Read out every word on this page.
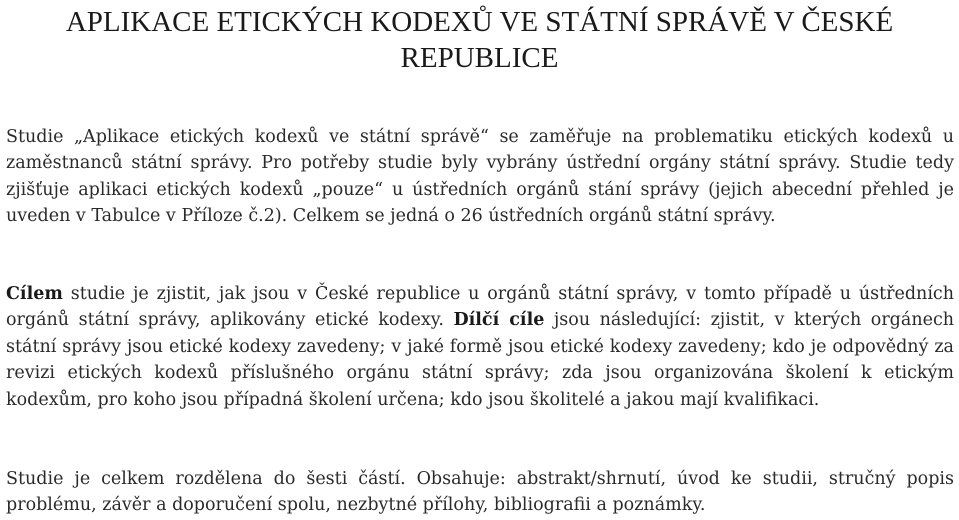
APLIKACE ETICKÝCH KODEXŮ VE STÁTNÍ SPRÁVĚ V ČESKÉ
REPUBLICE

Studie „Aplikace etických kodexů ve státní správě“ se zaměřuje na problematiku etických kodexů u zaměstnanců státní správy. Pro potřeby studie byly vybrány ústřední orgány státní správy. Studie tedy zjišťuje aplikaci etických kodexů „pouze“ u ústředních orgánů stání správy (jejich abecední přehled je uveden v Tabulce v Příloze č.2). Celkem se jedná o 26 ústředních orgánů státní správy.

Cílem studie je zjistit, jak jsou v České republice u orgánů státní správy, v tomto případě u ústředních orgánů státní správy, aplikovány etické kodexy. Dílčí cíle jsou následující: zjistit, v kterých orgánech státní správy jsou etické kodexy zavedeny; v jaké formě jsou etické kodexy zavedeny; kdo je odpovědný za revizi etických kodexů příslušného orgánu státní správy; zda jsou organizována školení k etickým kodexům, pro koho jsou případná školení určena; kdo jsou školitelé a jakou mají kvalifikaci.

Studie je celkem rozdělena do šesti částí. Obsahuje: abstrakt/shrnutí, úvod ke studii, stručný popis problému, závěr a doporučení spolu, nezbytné přílohy, bibliografii a poznámky.
